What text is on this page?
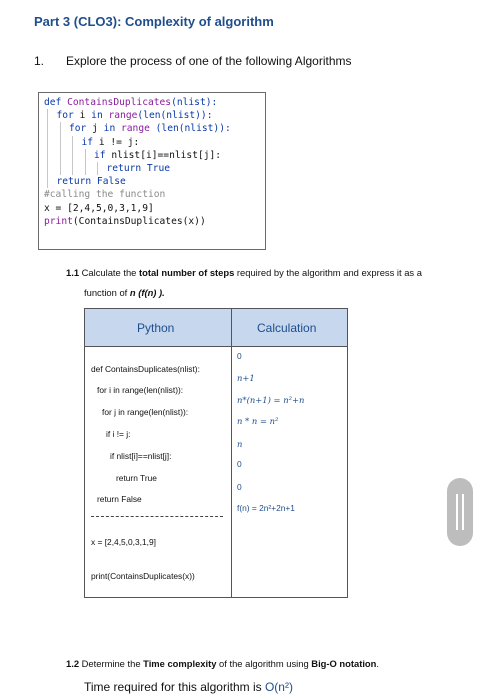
Part 3 (CLO3): Complexity of algorithm
1. Explore the process of one of the following Algorithms
def ContainsDuplicates(nlist):
for i in range(len(nlist)):
for j in range (len(nlist)):
if i != j:
if nlist[i]==nlist[j]:
return True
return False
#calling the function
x = [2,4,5,0,3,1,9]
print(ContainsDuplicates(x))
1.1 Calculate the total number of steps required by the algorithm and express it as a
function of n (f(n) ).
Python	Calculation
def ContainsDuplicates(nlist):
for i in range(len(nlist)):
for j in range(len(nlist)):
if i != j:
if nlist[i]==nlist[j]:
return True
return False
x = [2,4,5,0,3,1,9]
print(ContainsDuplicates(x))
0
n+1
n*(n+1) = n²+n
n * n = n²
n
0
0
f(n) = 2n²+2n+1
1.2 Determine the Time complexity of the algorithm using Big-O notation.
Time required for this algorithm is O(n²)
